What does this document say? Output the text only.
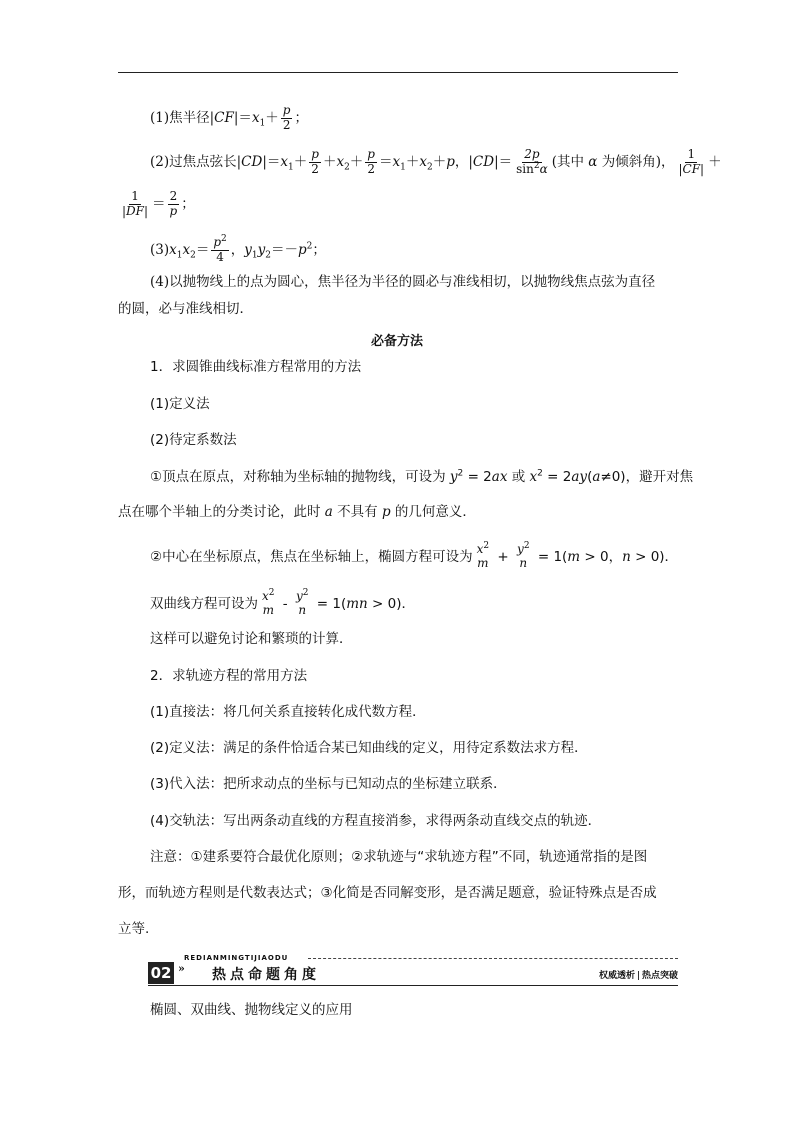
(1)焦半径$|CF|=x_1+ \frac{p}{2}$ ；
(2)过焦点弦长$|CD|=x_1+ \frac{p}{2} +x_2+ \frac{p}{2} =x_1+x_2+p$，$|CD|= \frac{2p}{\sin^2\alpha}$ (其中 α 为倾斜角)， $\frac{1}{|CF|}$ ＋
$\frac{1}{|DF|} = \frac{2}{p}$ ；
$(3)x_1x_2= \frac{p^2}{4}$ ，$y_1y_2=-p^2$；
(4)以抛物线上的点为圆心，焦半径为半径的圆必与准线相切，以抛物线焦点弦为直径
的圆，必与准线相切．
必备方法
1．求圆锥曲线标准方程常用的方法
(1)定义法
(2)待定系数法
①顶点在原点，对称轴为坐标轴的抛物线，可设为 $y^2 = 2ax$ 或 $x^2 = 2ay(a\ne 0)$，避开对焦
点在哪个半轴上的分类讨论，此时 a 不具有 p 的几何意义．
②中心在坐标原点，焦点在坐标轴上，椭圆方程可设为 $x^2$
$m + y^2$
n = 1(m > 0，n > 0)．
双曲线方程可设为 $x^2$
m - $y^2$
n = 1(mn > 0)．
这样可以避免讨论和繁琐的计算．
2．求轨迹方程的常用方法
(1)直接法：将几何关系直接转化成代数方程．
(2)定义法：满足的条件恰适合某已知曲线的定义，用待定系数法求方程．
(3)代入法：把所求动点的坐标与已知动点的坐标建立联系．
(4)交轨法：写出两条动直线的方程直接消参，求得两条动直线交点的轨迹．
注意：①建系要符合最优化原则；②求轨迹与“求轨迹方程”不同，轨迹通常指的是图
形，而轨迹方程则是代数表达式；③化简是否同解变形，是否满足题意，验证特殊点是否成
立等.
REDIANMINGTIJIAODU
02 » 热点命题角度	权威透析 热点突破
椭圆、双曲线、抛物线定义的应用
